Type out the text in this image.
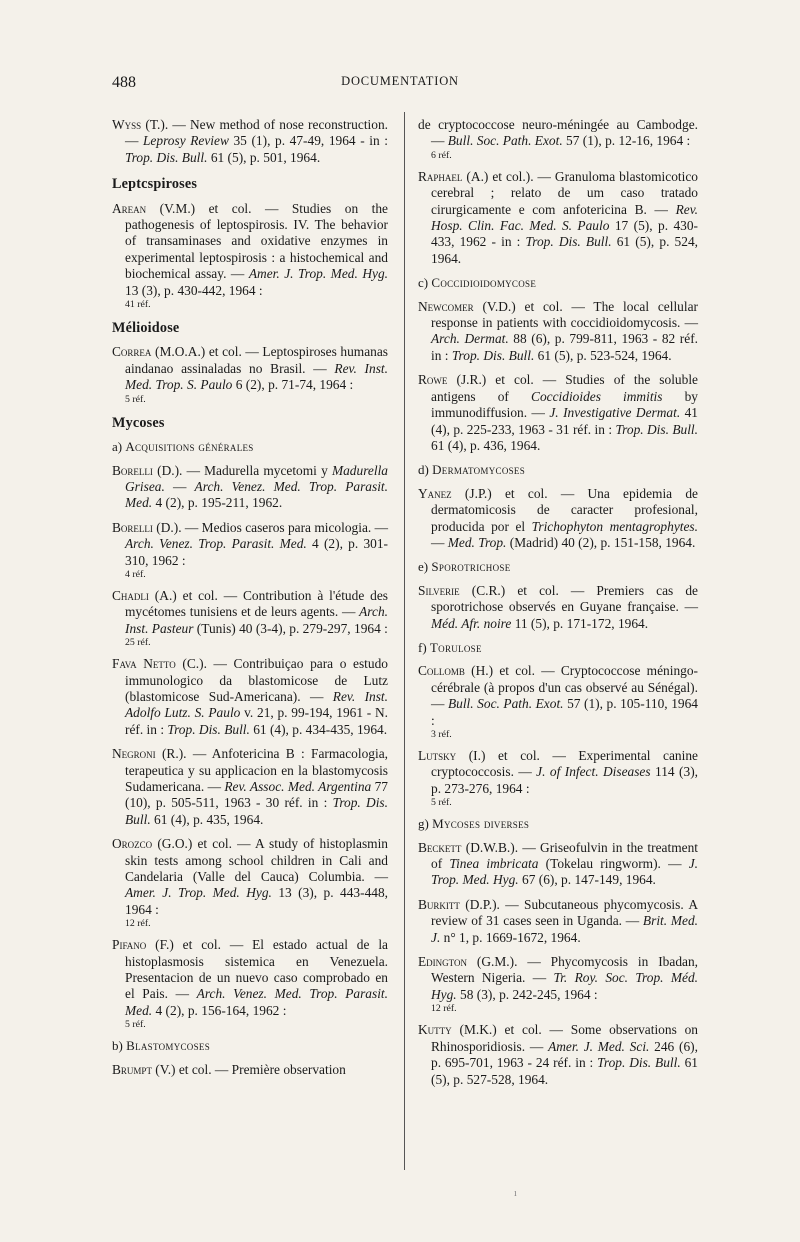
488	DOCUMENTATION
Wyss (T.). — New method of nose reconstruction. — Leprosy Review 35 (1), p. 47-49, 1964 - in : Trop. Dis. Bull. 61 (5), p. 501, 1964.
Leptcspiroses
Arean (V.M.) et col. — Studies on the pathogenesis of leptospirosis. IV. The behavior of transaminases and oxidative enzymes in experimental leptospirosis : a histochemical and biochemical assay. — Amer. J. Trop. Med. Hyg. 13 (3), p. 430-442, 1964 :
41 réf.
Mélioidose
Correa (M.O.A.) et col. — Leptospiroses humanas aindanao assinaladas no Brasil. — Rev. Inst. Med. Trop. S. Paulo 6 (2), p. 71-74, 1964 :
5 réf.
Mycoses
a) Acquisitions générales
Borelli (D.). — Madurella mycetomi y Madurella Grisea. — Arch. Venez. Med. Trop. Parasit. Med. 4 (2), p. 195-211, 1962.
Borelli (D.). — Medios caseros para micologia. — Arch. Venez. Trop. Parasit. Med. 4 (2), p. 301-310, 1962 :
4 réf.
Chadli (A.) et col. — Contribution à l'étude des mycétomes tunisiens et de leurs agents. — Arch. Inst. Pasteur (Tunis) 40 (3-4), p. 279-297, 1964 :
25 réf.
Fava Netto (C.). — Contribuiçao para o estudo immunologico da blastomicose de Lutz (blastomicose Sud-Americana). — Rev. Inst. Adolfo Lutz. S. Paulo v. 21, p. 99-194, 1961 - N. réf. in : Trop. Dis. Bull. 61 (4), p. 434-435, 1964.
Negroni (R.). — Anfotericina B : Farmacologia, terapeutica y su applicacion en la blastomycosis Sudamericana. — Rev. Assoc. Med. Argentina 77 (10), p. 505-511, 1963 - 30 réf. in : Trop. Dis. Bull. 61 (4), p. 435, 1964.
Orozco (G.O.) et col. — A study of histoplasmin skin tests among school children in Cali and Candelaria (Valle del Cauca) Columbia. — Amer. J. Trop. Med. Hyg. 13 (3), p. 443-448, 1964 :
12 réf.
Pifano (F.) et col. — El estado actual de la histoplasmosis sistemica en Venezuela. Presentacion de un nuevo caso comprobado en el Pais. — Arch. Venez. Med. Trop. Parasit. Med. 4 (2), p. 156-164, 1962 :
5 réf.
b) Blastomycoses
Brumpt (V.) et col. — Première observation
de cryptococcose neuro-méningée au Cambodge. — Bull. Soc. Path. Exot. 57 (1), p. 12-16, 1964 :
6 réf.
Raphael (A.) et col.). — Granuloma blastomicotico cerebral ; relato de um caso tratado cirurgicamente e com anfotericina B. — Rev. Hosp. Clin. Fac. Med. S. Paulo 17 (5), p. 430-433, 1962 - in : Trop. Dis. Bull. 61 (5), p. 524, 1964.
c) Coccidioidomycose
Newcomer (V.D.) et col. — The local cellular response in patients with coccidioidomycosis. — Arch. Dermat. 88 (6), p. 799-811, 1963 - 82 réf. in : Trop. Dis. Bull. 61 (5), p. 523-524, 1964.
Rowe (J.R.) et col. — Studies of the soluble antigens of Coccidioides immitis by immunodiffusion. — J. Investigative Dermat. 41 (4), p. 225-233, 1963 - 31 réf. in : Trop. Dis. Bull. 61 (4), p. 436, 1964.
d) Dermatomycoses
Yanez (J.P.) et col. — Una epidemia de dermatomicosis de caracter profesional, producida por el Trichophyton mentagrophytes. — Med. Trop. (Madrid) 40 (2), p. 151-158, 1964.
e) Sporotrichose
Silverie (C.R.) et col. — Premiers cas de sporotrichose observés en Guyane française. — Méd. Afr. noire 11 (5), p. 171-172, 1964.
f) Torulose
Collomb (H.) et col. — Cryptococcose méningo-cérébrale (à propos d'un cas observé au Sénégal). — Bull. Soc. Path. Exot. 57 (1), p. 105-110, 1964 :
3 réf.
Lutsky (I.) et col. — Experimental canine cryptococcosis. — J. of Infect. Diseases 114 (3), p. 273-276, 1964 :
5 réf.
g) Mycoses diverses
Beckett (D.W.B.). — Griseofulvin in the treatment of Tinea imbricata (Tokelau ringworm). — J. Trop. Med. Hyg. 67 (6), p. 147-149, 1964.
Burkitt (D.P.). — Subcutaneous phycomycosis. A review of 31 cases seen in Uganda. — Brit. Med. J. n° 1, p. 1669-1672, 1964.
Edington (G.M.). — Phycomycosis in Ibadan, Western Nigeria. — Tr. Roy. Soc. Trop. Méd. Hyg. 58 (3), p. 242-245, 1964 :
12 réf.
Kutty (M.K.) et col. — Some observations on Rhinosporidiosis. — Amer. J. Med. Sci. 246 (6), p. 695-701, 1963 - 24 réf. in : Trop. Dis. Bull. 61 (5), p. 527-528, 1964.
ı
